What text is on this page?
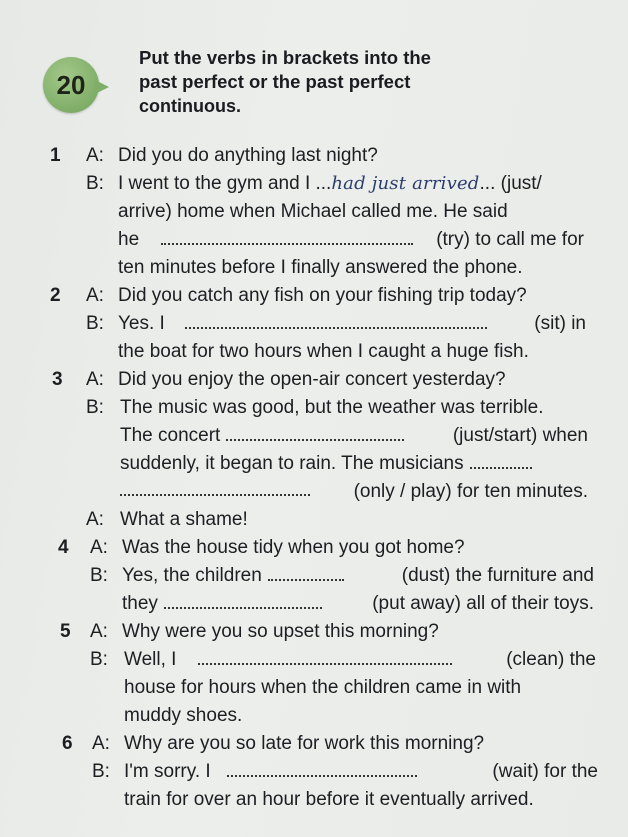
20
Put the verbs in brackets into the
past perfect or the past perfect
continuous.
1 A: Did you do anything last night?
B: I went to the gym and I ...had just arrived... (just/
arrive) home when Michael called me. He said
he	(try) to call me for
ten minutes before I finally answered the phone.
2 A: Did you catch any fish on your fishing trip today?
B: Yes. I	(sit) in
the boat for two hours when I caught a huge fish.
3 A: Did you enjoy the open-air concert yesterday?
B: The music was good, but the weather was terrible.
The concert	(just/start) when
suddenly, it began to rain. The musicians
(only / play) for ten minutes.
A: What a shame!
4 A: Was the house tidy when you got home?
B: Yes, the children	(dust) the furniture and
they	(put away) all of their toys.
5 A: Why were you so upset this morning?
B: Well, I	(clean) the
house for hours when the children came in with
muddy shoes.
6 A: Why are you so late for work this morning?
B: I'm sorry. I	(wait) for the
train for over an hour before it eventually arrived.
